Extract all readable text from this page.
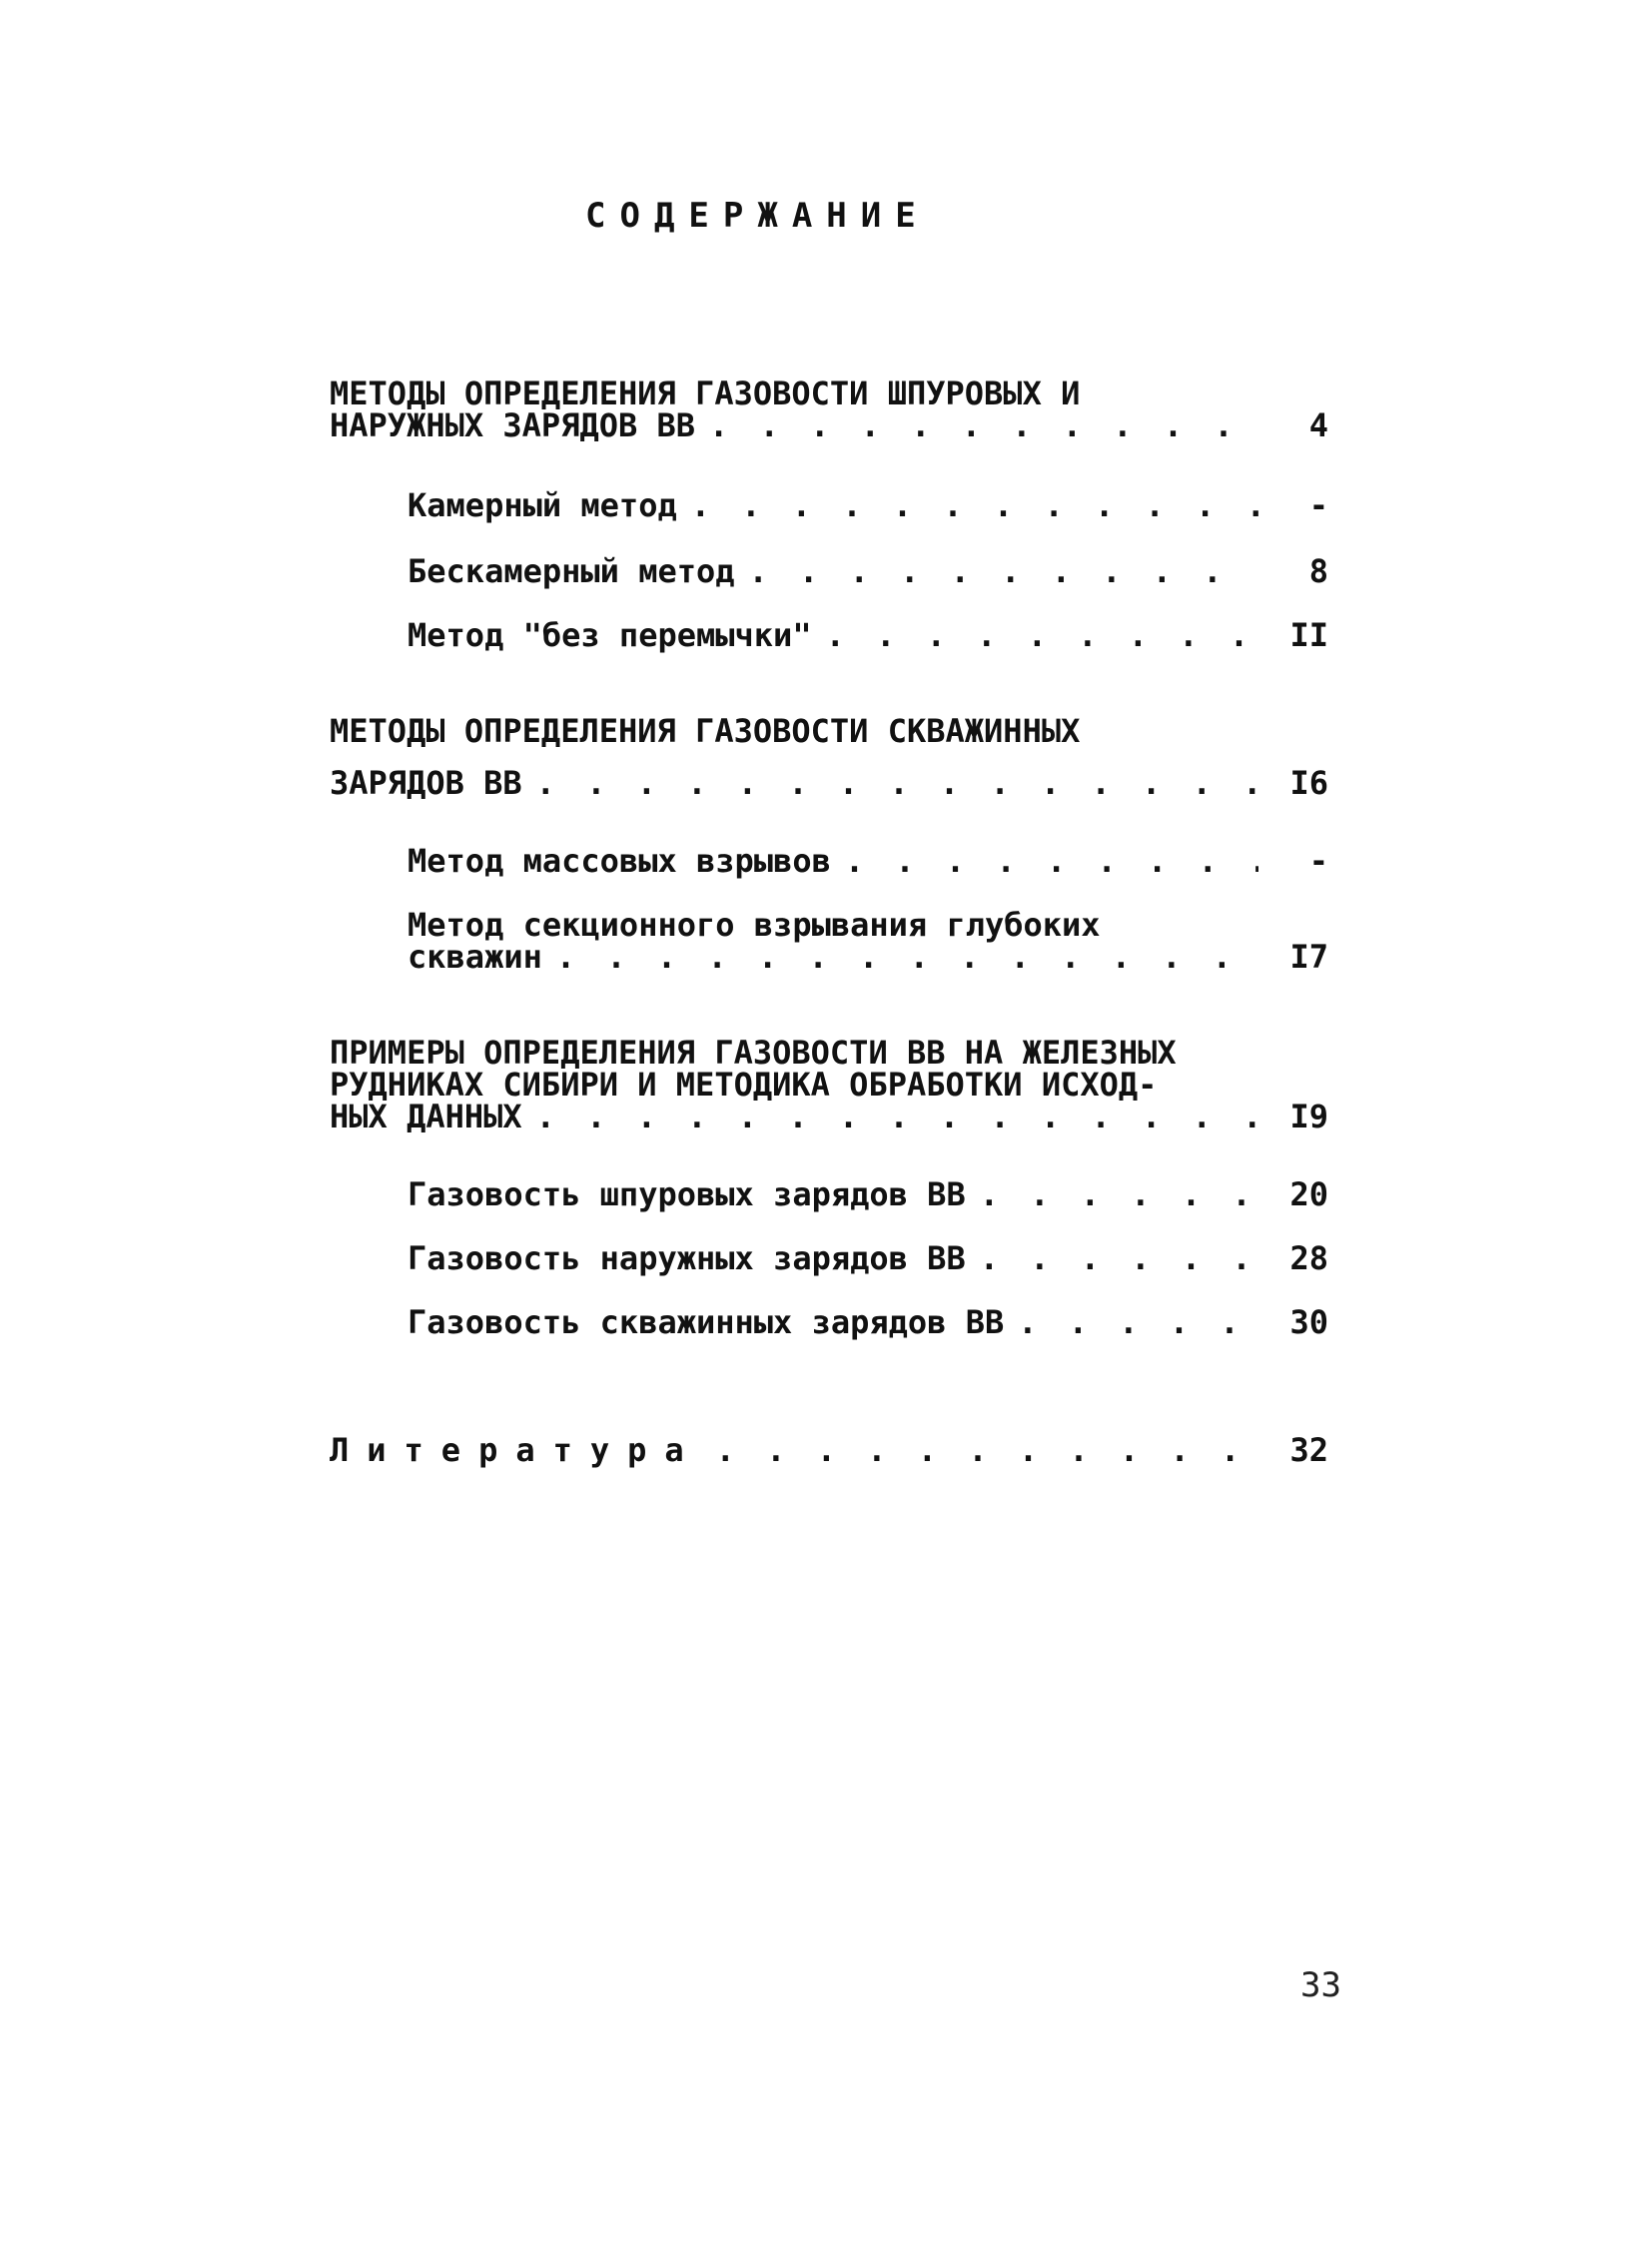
СОДЕРЖАНИЕ
МЕТОДЫ ОПРЕДЕЛЕНИЯ ГАЗОВОСТИ ШПУРОВЫХ И
НАРУЖНЫХ ЗАРЯДОВ ВВ . . .	4
Камерный метод . . .	-
Бескамерный метод . . .	8
Метод "без перемычки" . . .	II
МЕТОДЫ ОПРЕДЕЛЕНИЯ ГАЗОВОСТИ СКВАЖИННЫХ
ЗАРЯДОВ ВВ . . .	I6
Метод массовых взрывов . . .	-
Метод секционного взрывания глубоких
скважин . . .	I7
ПРИМЕРЫ ОПРЕДЕЛЕНИЯ ГАЗОВОСТИ ВВ НА ЖЕЛЕЗНЫХ
РУДНИКАХ СИБИРИ И МЕТОДИКА ОБРАБОТКИ ИСХОД-
НЫХ ДАННЫХ . . .	I9
Газовость шпуровых зарядов ВВ . . .	20
Газовость наружных зарядов ВВ . . .	28
Газовость скважинных зарядов ВВ . . .	30
Литература . . .	32
33
